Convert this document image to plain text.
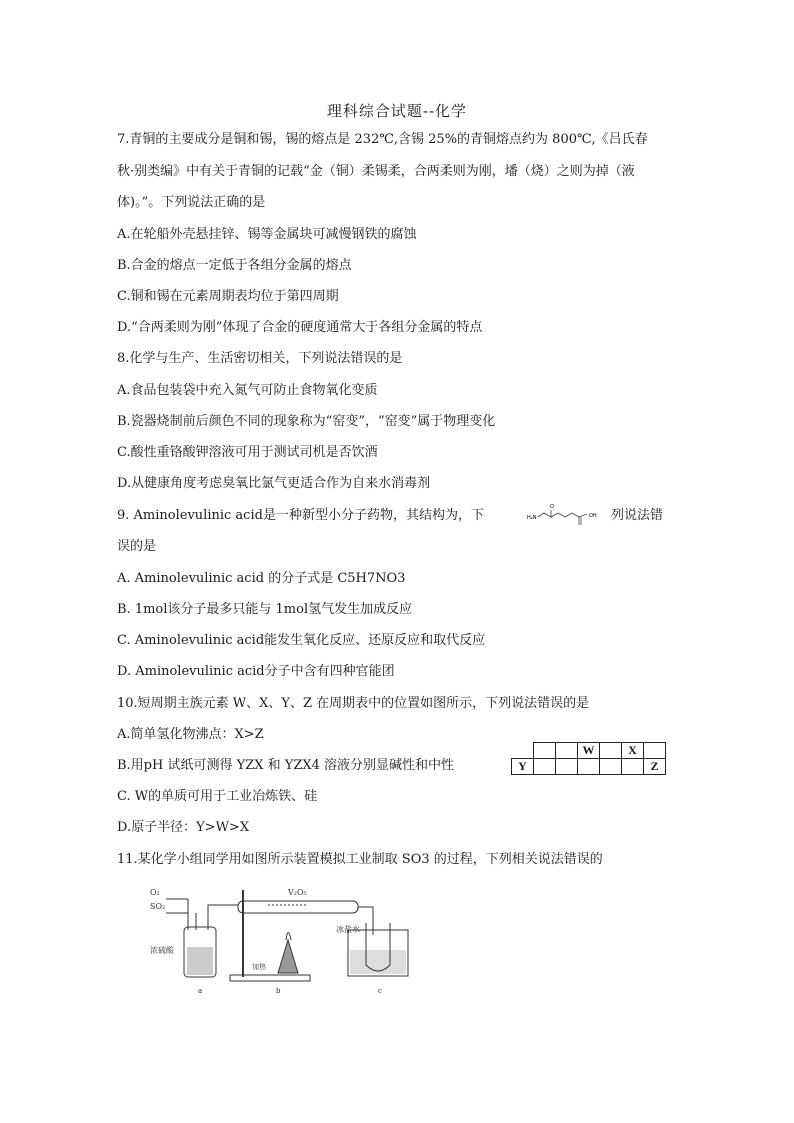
理科综合试题--化学
7.青铜的主要成分是铜和锡，锡的熔点是 232℃,含锡 25%的青铜熔点约为 800℃,《吕氏春
秋·别类编》中有关于青铜的记载“金（铜）柔锡柔，合两柔则为刚，墦（烧）之则为掉（液
体)。”。下列说法正确的是
A.在轮船外壳悬挂锌、锡等金属块可减慢钢铁的腐蚀
B.合金的熔点一定低于各组分金属的熔点
C.铜和锡在元素周期表均位于第四周期
D.“合两柔则为刚”体现了合金的硬度通常大于各组分金属的特点
8.化学与生产、生活密切相关，下列说法错误的是
A.食品包装袋中充入氮气可防止食物氧化变质
B.瓷器烧制前后颜色不同的现象称为“窑变”，“窑变”属于物理变化
C.酸性重铬酸钾溶液可用于测试司机是否饮酒
D.从健康角度考虑臭氧比氯气更适合作为自来水消毒剂
9. Aminolevulinic acid是一种新型小分子药物，其结构为，下	H₂N
O
OH 列说法错
误的是
A. Aminolevulinic acid 的分子式是 C5H7NO3
B. 1mol该分子最多只能与 1mol氢气发生加成反应
C. Aminolevulinic acid能发生氧化反应、还原反应和取代反应
D. Aminolevulinic acid分子中含有四种官能团
10.短周期主族元素 W、X、Y、Z 在周期表中的位置如图所示，下列说法错误的是
A.简单氢化物沸点：X>Z
B.用pH 试纸可测得 YZX 和 YZX4 溶液分别显碱性和中性
C. W的单质可用于工业冶炼铁、硅
D.原子半径：Y>W>X
			W		X	
Y						Z
11.某化学小组同学用如图所示装置模拟工业制取 SO3 的过程，下列相关说法错误的
O₂
SO₂
浓硫酸
a
V₂O₅
加热
b
冰盐水
c
